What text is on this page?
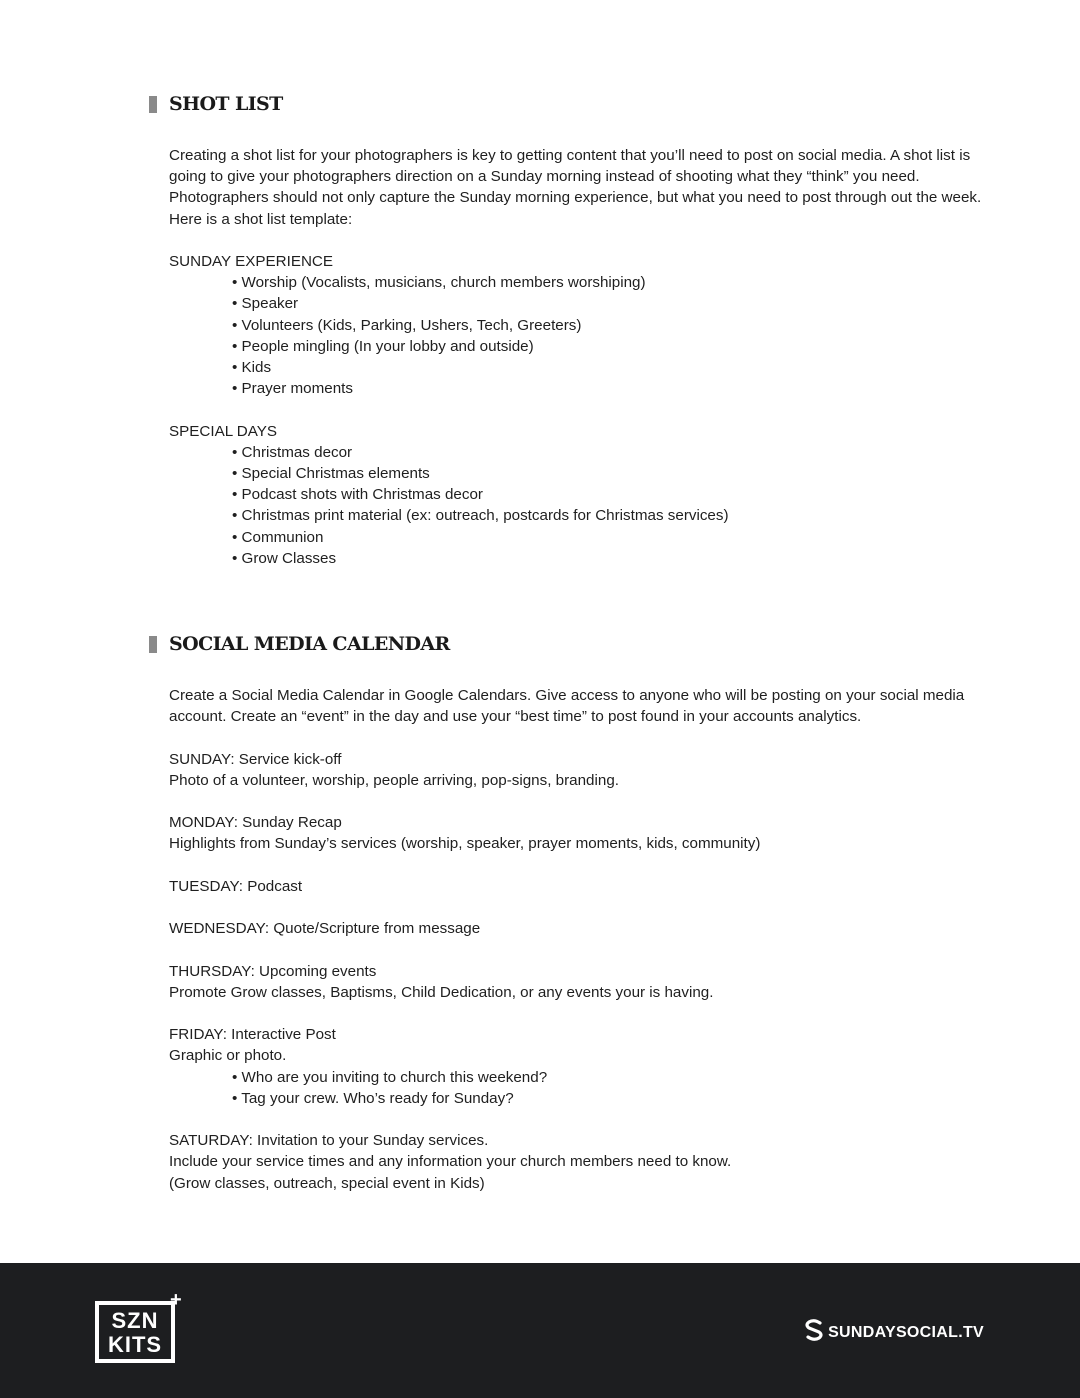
SHOT LIST

Creating a shot list for your photographers is key to getting content that you’ll need to post on social media. A shot list is going to give your photographers direction on a Sunday morning instead of shooting what they “think” you need. Photographers should not only capture the Sunday morning experience, but what you need to post through out the week. Here is a shot list template:

SUNDAY EXPERIENCE

• Worship (Vocalists, musicians, church members worshiping)
• Speaker
• Volunteers (Kids, Parking, Ushers, Tech, Greeters)
• People mingling (In your lobby and outside)
• Kids
• Prayer moments

SPECIAL DAYS

• Christmas decor
• Special Christmas elements
• Podcast shots with Christmas decor
• Christmas print material (ex: outreach, postcards for Christmas services)
• Communion
• Grow Classes
SOCIAL MEDIA CALENDAR

Create a Social Media Calendar in Google Calendars. Give access to anyone who will be posting on your social media account. Create an “event” in the day and use your “best time” to post found in your accounts analytics.

SUNDAY: Service kick-off

Photo of a volunteer, worship, people arriving, pop-signs, branding.

MONDAY: Sunday Recap

Highlights from Sunday’s services (worship, speaker, prayer moments, kids, community)

TUESDAY: Podcast

WEDNESDAY: Quote/Scripture from message

THURSDAY: Upcoming events

Promote Grow classes, Baptisms, Child Dedication, or any events your is having.

FRIDAY: Interactive Post

Graphic or photo.

• Who are you inviting to church this weekend?
• Tag your crew. Who’s ready for Sunday?

SATURDAY: Invitation to your Sunday services.

Include your service times and any information your church members need to know.

(Grow classes, outreach, special event in Kids)

SZN
KITS
+
SUNDAYSOCIAL.TV
